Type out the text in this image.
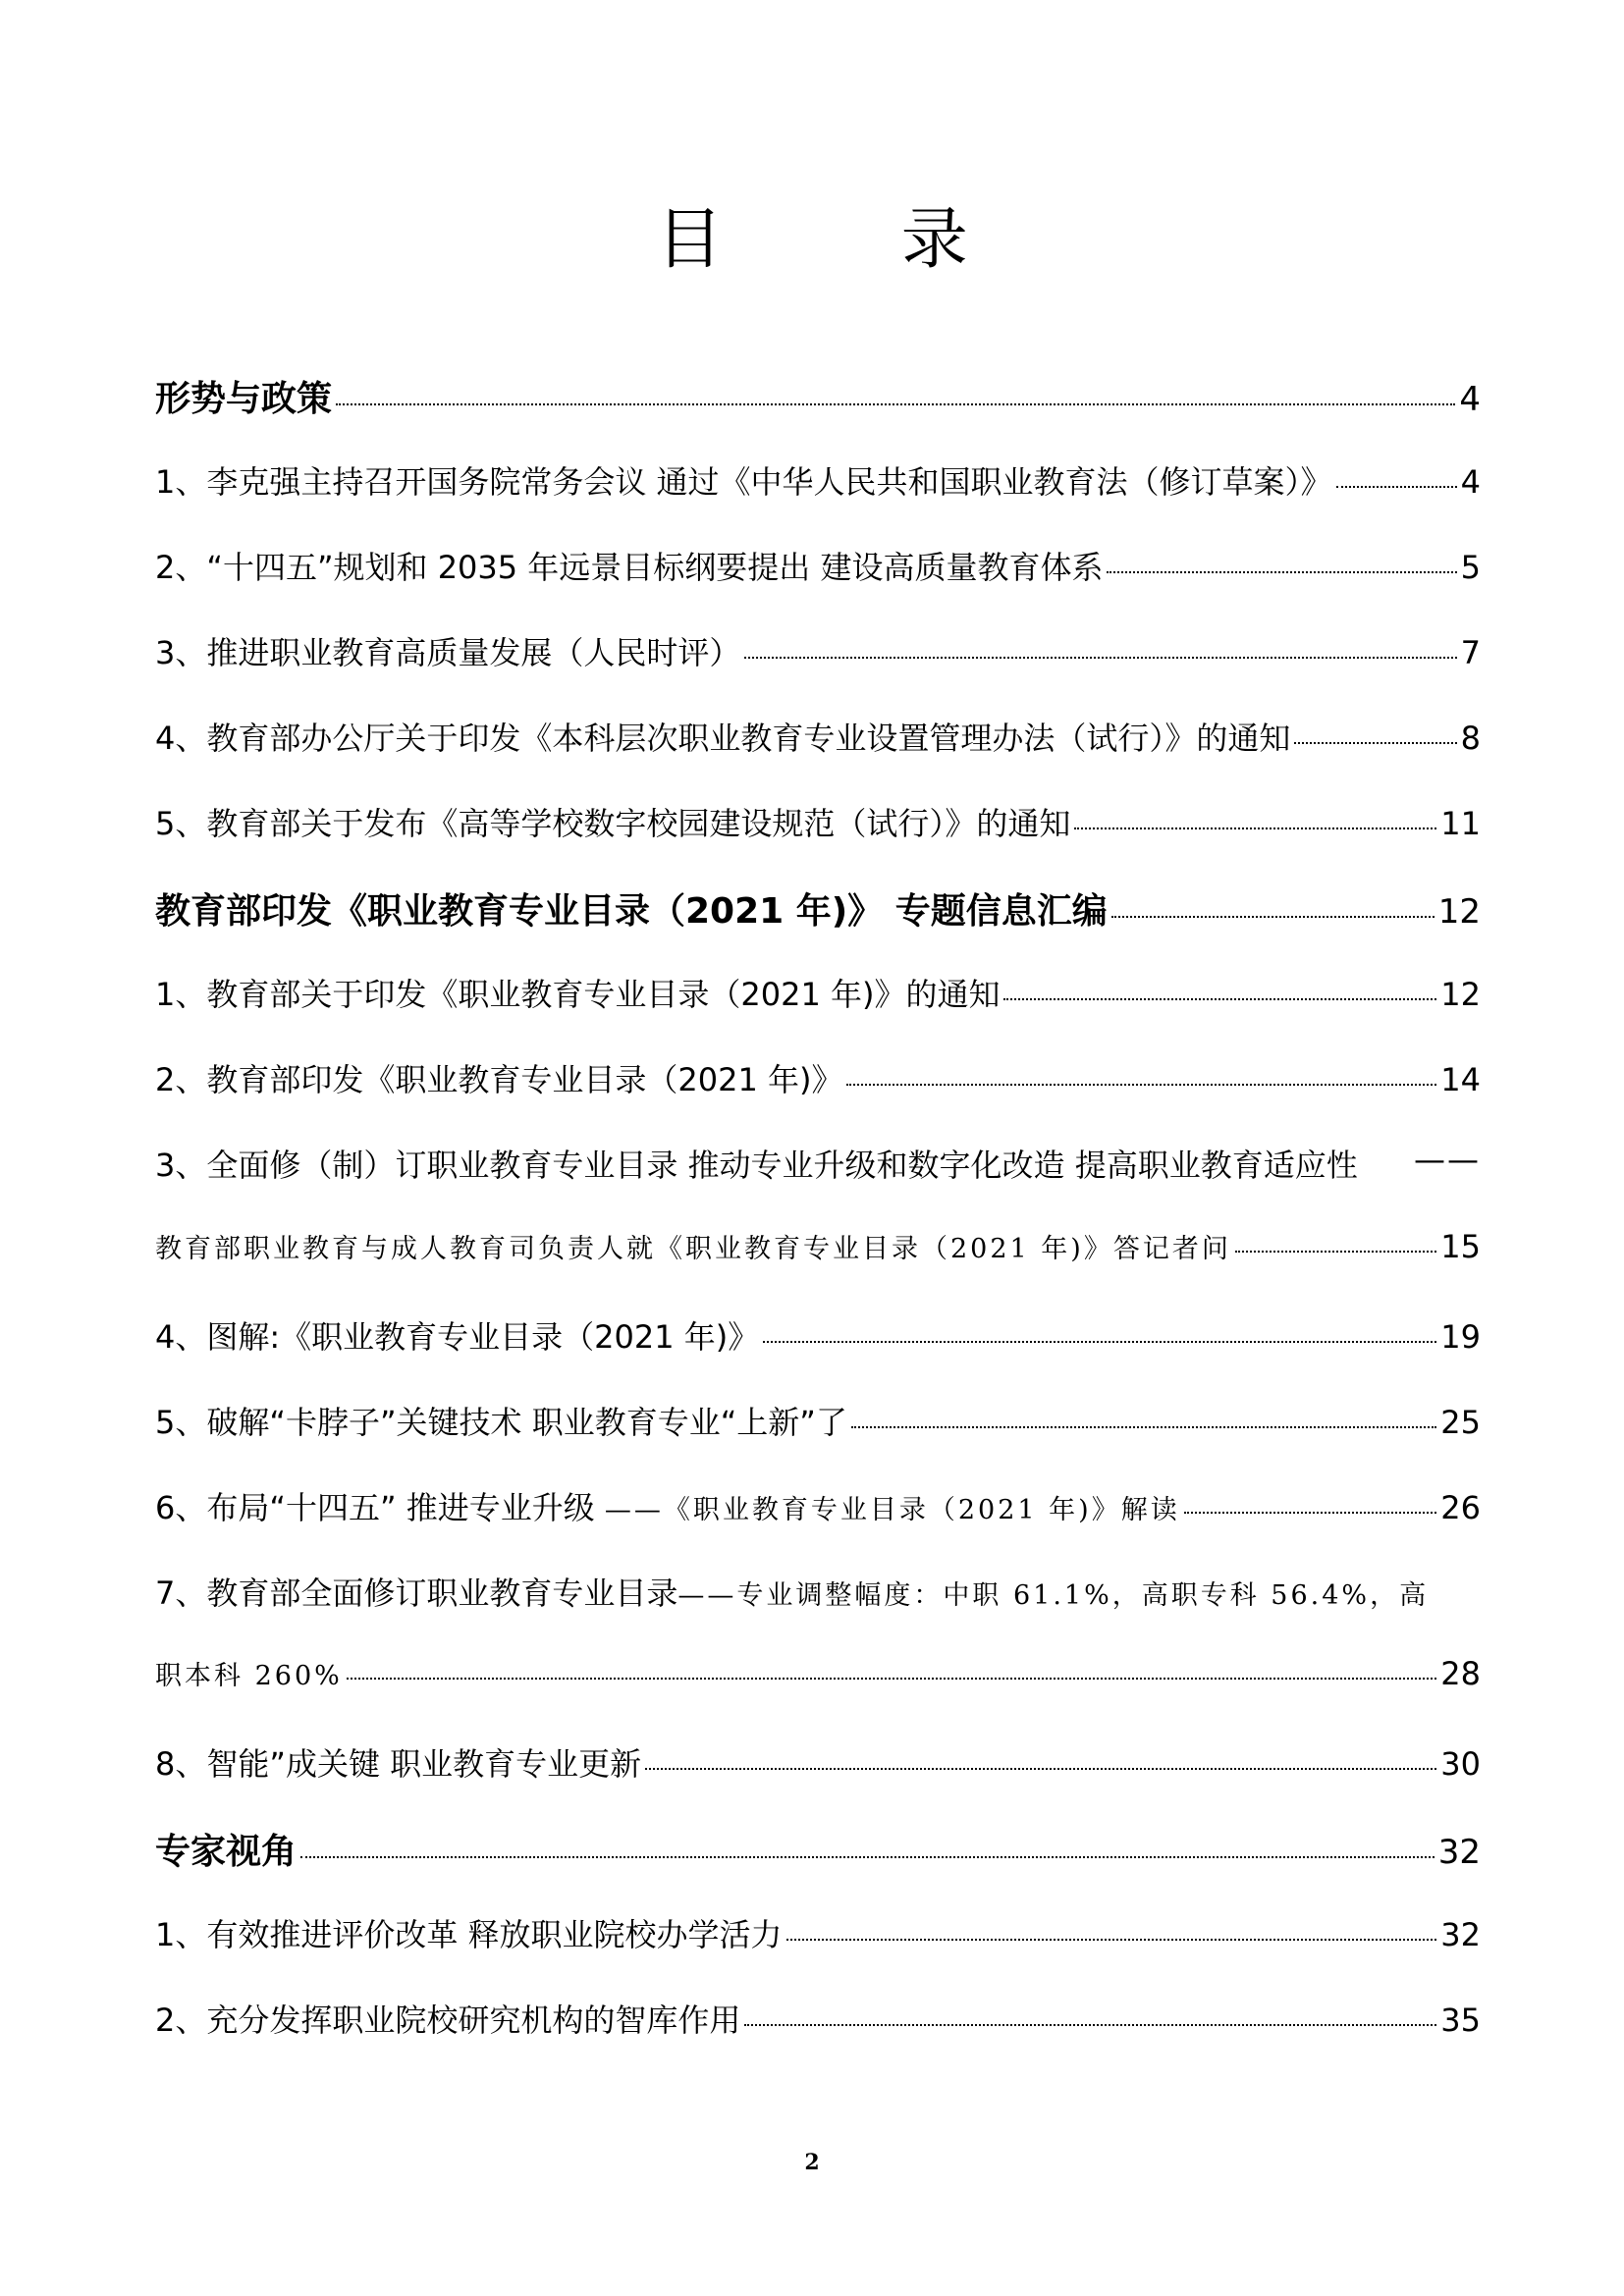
目 录
形势与政策	4
1、李克强主持召开国务院常务会议 通过《中华人民共和国职业教育法（修订草案）》	4
2、“十四五”规划和 2035 年远景目标纲要提出 建设高质量教育体系	5
3、推进职业教育高质量发展（人民时评）	7
4、教育部办公厅关于印发《本科层次职业教育专业设置管理办法（试行）》的通知	8
5、教育部关于发布《高等学校数字校园建设规范（试行）》的通知	11
教育部印发《职业教育专业目录（2021 年)》 专题信息汇编	12
1、教育部关于印发《职业教育专业目录（2021 年)》的通知	12
2、教育部印发《职业教育专业目录（2021 年)》	14
3、全面修（制）订职业教育专业目录 推动专业升级和数字化改造 提高职业教育适应性 ——
教育部职业教育与成人教育司负责人就《职业教育专业目录（2021 年)》答记者问	15
4、图解:《职业教育专业目录（2021 年)》	19
5、破解“卡脖子”关键技术 职业教育专业“上新”了	25
6、布局“十四五” 推进专业升级 ——《职业教育专业目录（2021 年)》解读	26
7、教育部全面修订职业教育专业目录——专业调整幅度：中职 61.1%，高职专科 56.4%，高
职本科 260%	28
8、智能”成关键 职业教育专业更新	30
专家视角	32
1、有效推进评价改革 释放职业院校办学活力	32
2、充分发挥职业院校研究机构的智库作用	35
2
